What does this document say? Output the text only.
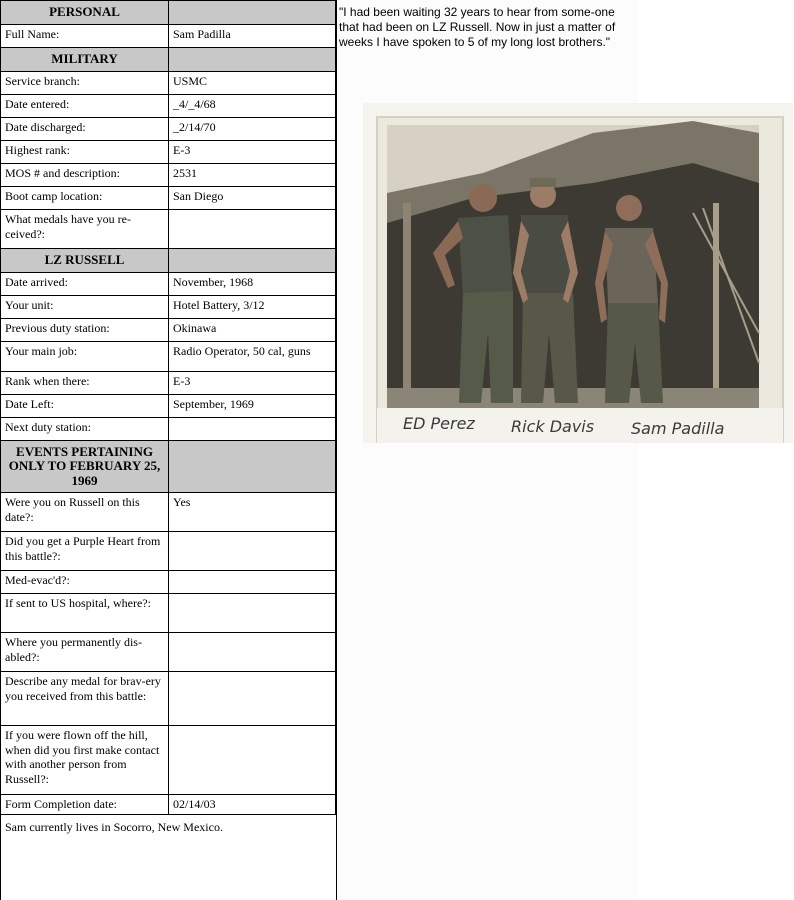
PERSONAL	
Full Name:	Sam Padilla
MILITARY	
Service branch:	USMC
Date entered:	_4/_4/68
Date discharged:	_2/14/70
Highest rank:	E-3
MOS # and description:	2531
Boot camp location:	San Diego
What medals have you re-ceived?:	
LZ RUSSELL	
Date arrived:	November, 1968
Your unit:	Hotel Battery, 3/12
Previous duty station:	Okinawa
Your main job:	Radio Operator, 50 cal, guns
Rank when there:	E-3
Date Left:	September, 1969
Next duty station:	
EVENTS PERTAINING ONLY TO FEBRUARY 25, 1969	
Were you on Russell on this date?:	Yes
Did you get a Purple Heart from this battle?:	
Med-evac'd?:	
If sent to US hospital, where?:	
Where you permanently dis-abled?:	
Describe any medal for brav-ery you received from this battle:	
If you were flown off the hill, when did you first make contact with another person from Russell?:	
Form Completion date:	02/14/03
Sam currently lives in Socorro, New Mexico.
"I had been waiting 32 years to hear from some-one that had been on LZ Russell. Now in just a matter of weeks I have spoken to 5 of my long lost brothers."
ED Perez Rick Davis Sam Padilla
